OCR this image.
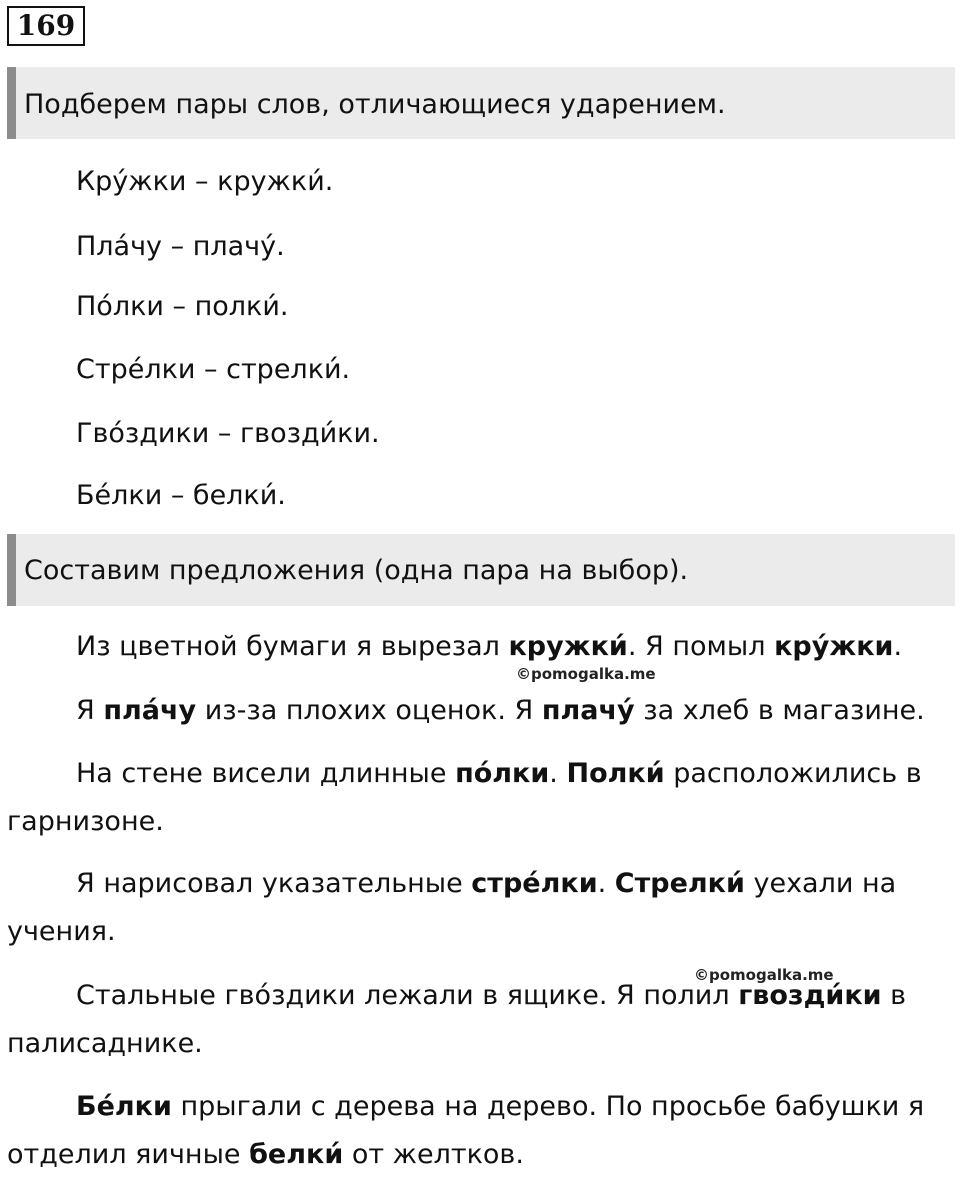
169
Подберем пары слов, отличающиеся ударением.
Кру́жки – кружки́.
Пла́чу – плачу́.
По́лки – полки́.
Стре́лки – стрелки́.
Гво́здики – гвозди́ки.
Бе́лки – белки́.
Составим предложения (одна пара на выбор).
Из цветной бумаги я вырезал кружки́. Я помыл кру́жки.
©pomogalka.me
Я пла́чу из-за плохих оценок. Я плачу́ за хлеб в магазине.
На стене висели длинные по́лки. Полки́ расположились в гарнизоне.
Я нарисовал указательные стре́лки. Стрелки́ уехали на учения.
©pomogalka.me
Стальные гво́здики лежали в ящике. Я полил гвозди́ки в палисаднике.
Бе́лки прыгали с дерева на дерево. По просьбе бабушки я отделил яичные белки́ от желтков.
